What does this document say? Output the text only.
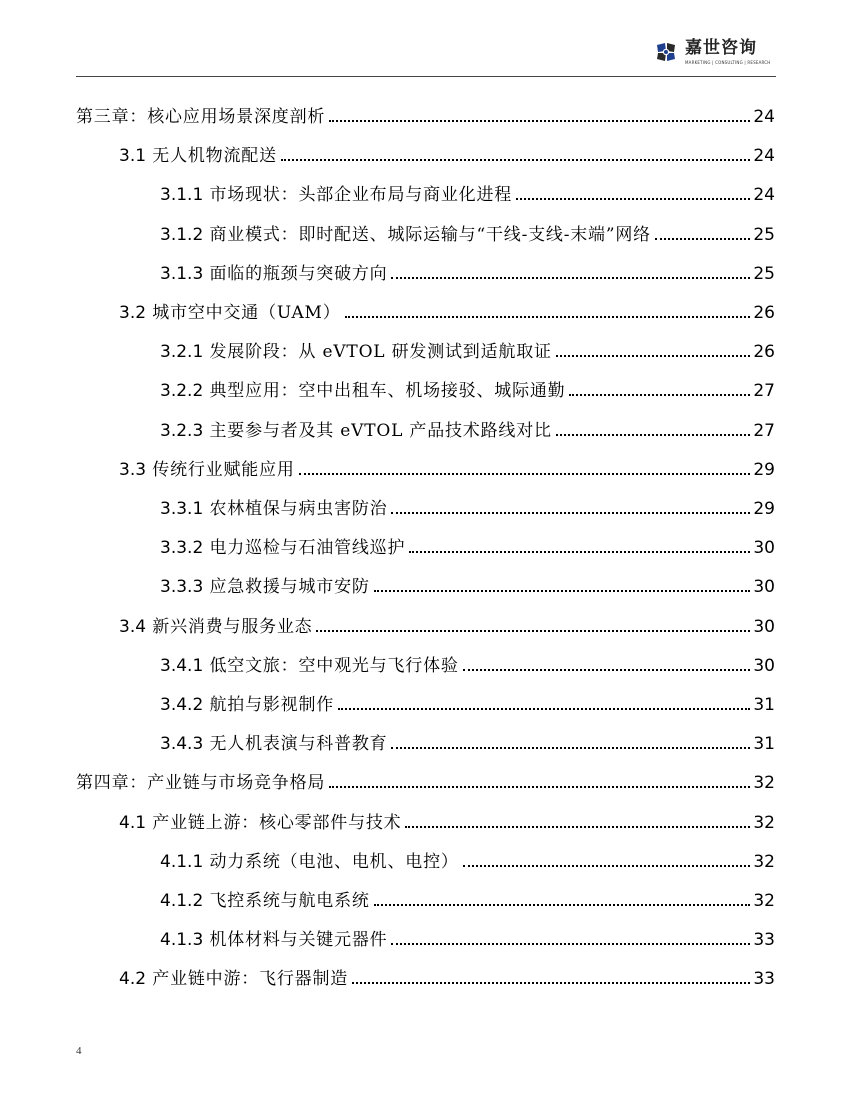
嘉世咨询
MARKETING | CONSULTING | RESEARCH
第三章：核心应用场景深度剖析	24
3.1 无人机物流配送	24
3.1.1 市场现状：头部企业布局与商业化进程	24
3.1.2 商业模式：即时配送、城际运输与“干线-支线-末端”网络	25
3.1.3 面临的瓶颈与突破方向	25
3.2 城市空中交通（UAM）	26
3.2.1 发展阶段：从 eVTOL 研发测试到适航取证	26
3.2.2 典型应用：空中出租车、机场接驳、城际通勤	27
3.2.3 主要参与者及其 eVTOL 产品技术路线对比	27
3.3 传统行业赋能应用	29
3.3.1 农林植保与病虫害防治	29
3.3.2 电力巡检与石油管线巡护	30
3.3.3 应急救援与城市安防	30
3.4 新兴消费与服务业态	30
3.4.1 低空文旅：空中观光与飞行体验	30
3.4.2 航拍与影视制作	31
3.4.3 无人机表演与科普教育	31
第四章：产业链与市场竞争格局	32
4.1 产业链上游：核心零部件与技术	32
4.1.1 动力系统（电池、电机、电控）	32
4.1.2 飞控系统与航电系统	32
4.1.3 机体材料与关键元器件	33
4.2 产业链中游：飞行器制造	33
4
